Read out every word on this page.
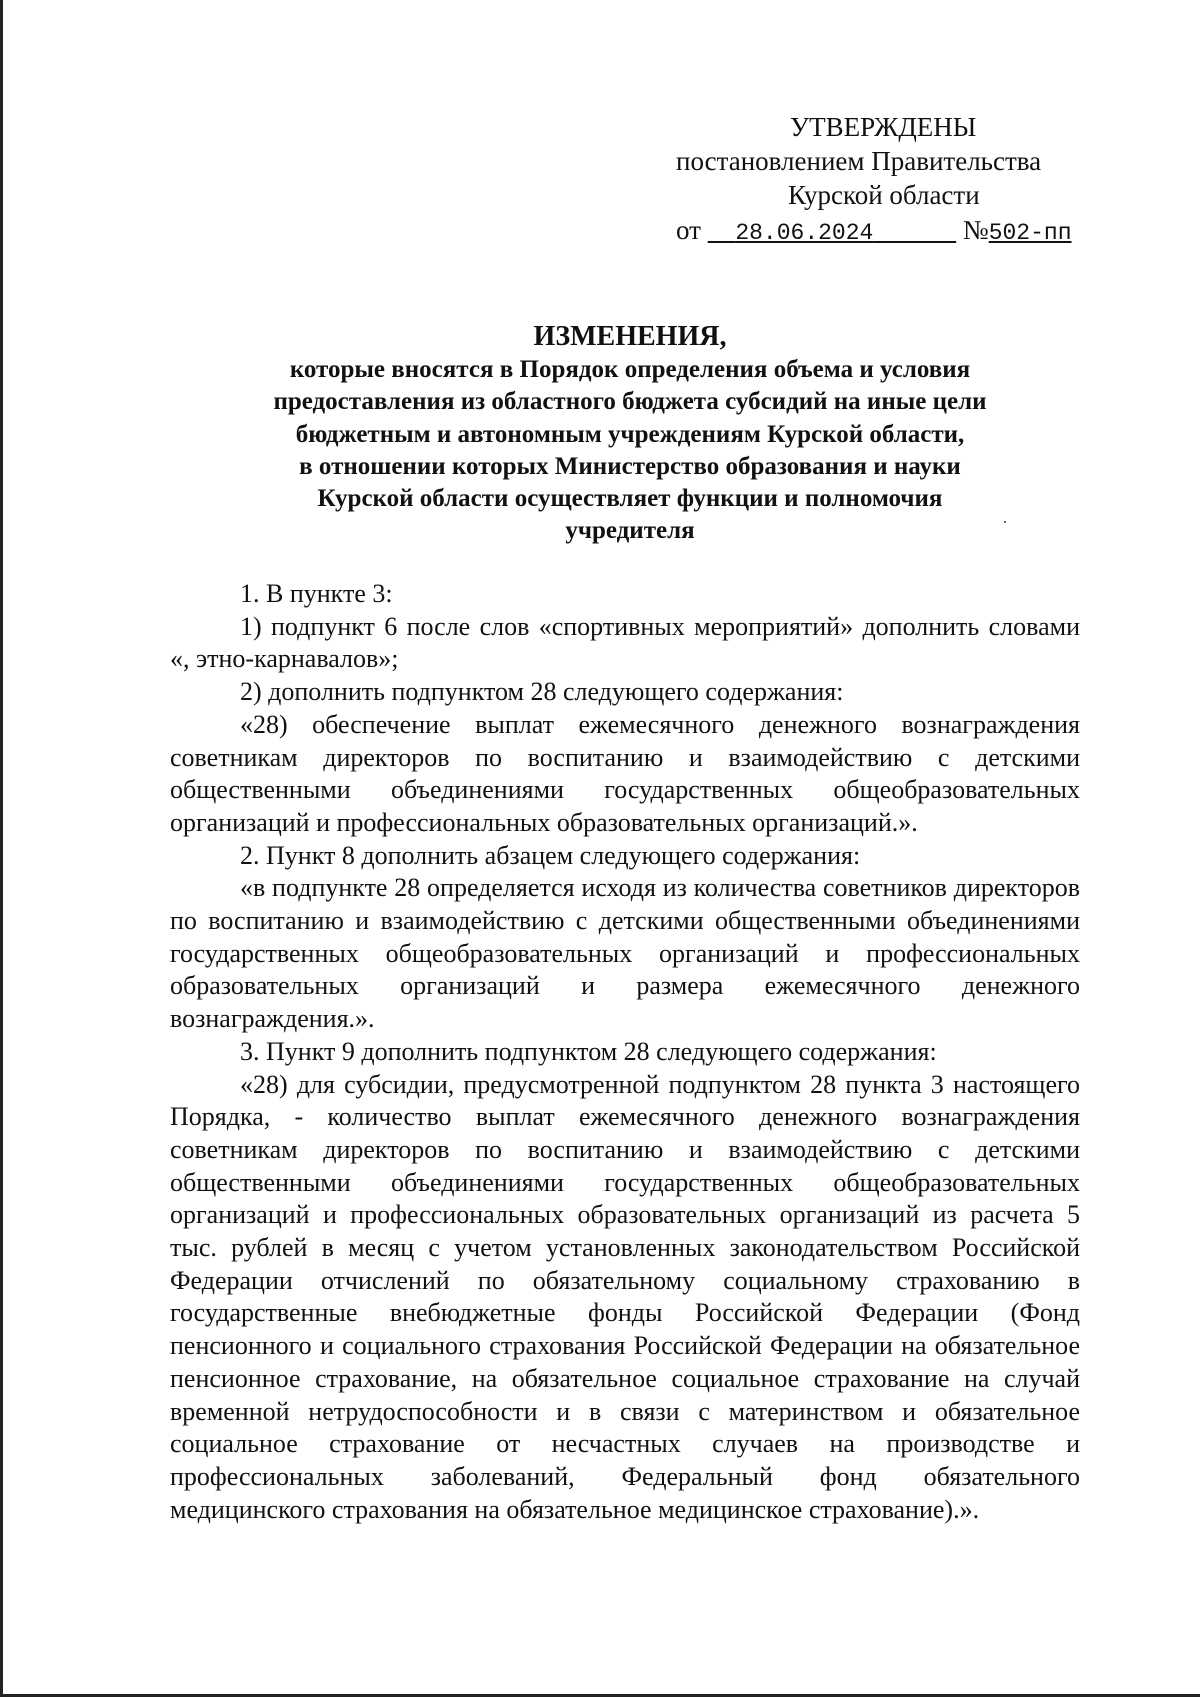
УТВЕРЖДЕНЫ
постановлением Правительства
Курской области
от 28.06.2024	№502-пп
ИЗМЕНЕНИЯ,
которые вносятся в Порядок определения объема и условия
предоставления из областного бюджета субсидий на иные цели
бюджетным и автономным учреждениям Курской области,
в отношении которых Министерство образования и науки
Курской области осуществляет функции и полномочия
учредителя

1. В пункте 3:

1) подпункт 6 после слов «спортивных мероприятий» дополнить словами «, этно-карнавалов»;

2) дополнить подпунктом 28 следующего содержания:

«28) обеспечение выплат ежемесячного денежного вознаграждения советникам директоров по воспитанию и взаимодействию с детскими общественными объединениями государственных общеобразовательных организаций и профессиональных образовательных организаций.».

2. Пункт 8 дополнить абзацем следующего содержания:

«в подпункте 28 определяется исходя из количества советников директоров по воспитанию и взаимодействию с детскими общественными объединениями государственных общеобразовательных организаций и профессиональных образовательных организаций и размера ежемесячного денежного вознаграждения.».

3. Пункт 9 дополнить подпунктом 28 следующего содержания:

«28) для субсидии, предусмотренной подпунктом 28 пункта 3 настоящего Порядка, - количество выплат ежемесячного денежного вознаграждения советникам директоров по воспитанию и взаимодействию с детскими общественными объединениями государственных общеобразовательных организаций и профессиональных образовательных организаций из расчета 5 тыс. рублей в месяц с учетом установленных законодательством Российской Федерации отчислений по обязательному социальному страхованию в государственные внебюджетные фонды Российской Федерации (Фонд пенсионного и социального страхования Российской Федерации на обязательное пенсионное страхование, на обязательное социальное страхование на случай временной нетрудоспособности и в связи с материнством и обязательное социальное страхование от несчастных случаев на производстве и профессиональных заболеваний, Федеральный фонд обязательного медицинского страхования на обязательное медицинское страхование).».
